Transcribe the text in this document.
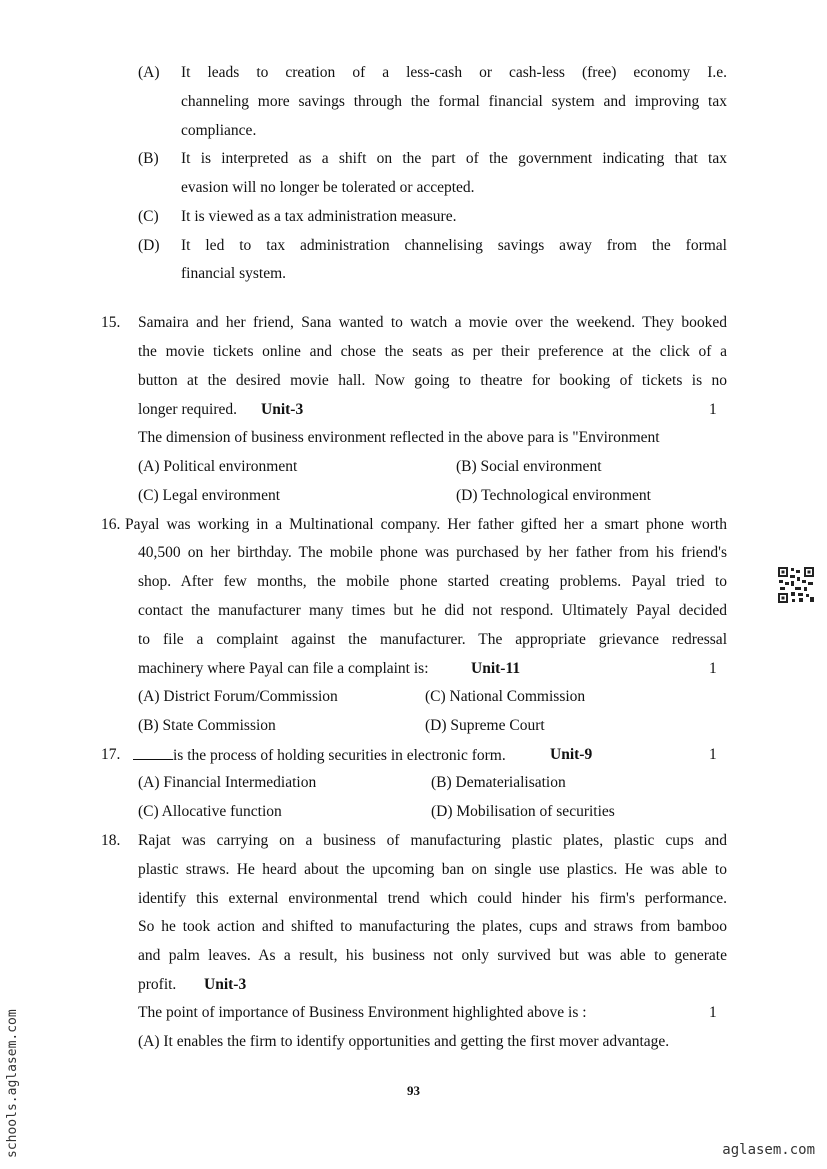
(A) It leads to creation of a less-cash or cash-less (free) economy I.e.
channeling more savings through the formal financial system and improving tax
compliance.
(B) It is interpreted as a shift on the part of the government indicating that tax
evasion will no longer be tolerated or accepted.
(C) It is viewed as a tax administration measure.
(D) It led to tax administration channelising savings away from the formal
financial system.
15. Samaira and her friend, Sana wanted to watch a movie over the weekend. They booked
the movie tickets online and chose the seats as per their preference at the click of a
button at the desired movie hall. Now going to theatre for booking of tickets is no
longer required. Unit-3	1
The dimension of business environment reflected in the above para is "Environment
(A) Political environment	(B) Social environment
(C) Legal environment	(D) Technological environment
16. Payal was working in a Multinational company. Her father gifted her a smart phone worth
40,500 on her birthday. The mobile phone was purchased by her father from his friend's
shop. After few months, the mobile phone started creating problems. Payal tried to
contact the manufacturer many times but he did not respond. Ultimately Payal decided
to file a complaint against the manufacturer. The appropriate grievance redressal
machinery where Payal can file a complaint is:	Unit-11	1
(A) District Forum/Commission	(C) National Commission
(B) State Commission	(D) Supreme Court
17.	is the process of holding securities in electronic form.	Unit-9	1
(A) Financial Intermediation	(B) Dematerialisation
(C) Allocative function	(D) Mobilisation of securities
18. Rajat was carrying on a business of manufacturing plastic plates, plastic cups and
plastic straws. He heard about the upcoming ban on single use plastics. He was able to
identify this external environmental trend which could hinder his firm's performance.
So he took action and shifted to manufacturing the plates, cups and straws from bamboo
and palm leaves. As a result, his business not only survived but was able to generate
profit. Unit-3
The point of importance of Business Environment highlighted above is :	1
(A) It enables the firm to identify opportunities and getting the first mover advantage.
93
schools.aglasem.com	aglasem.com
